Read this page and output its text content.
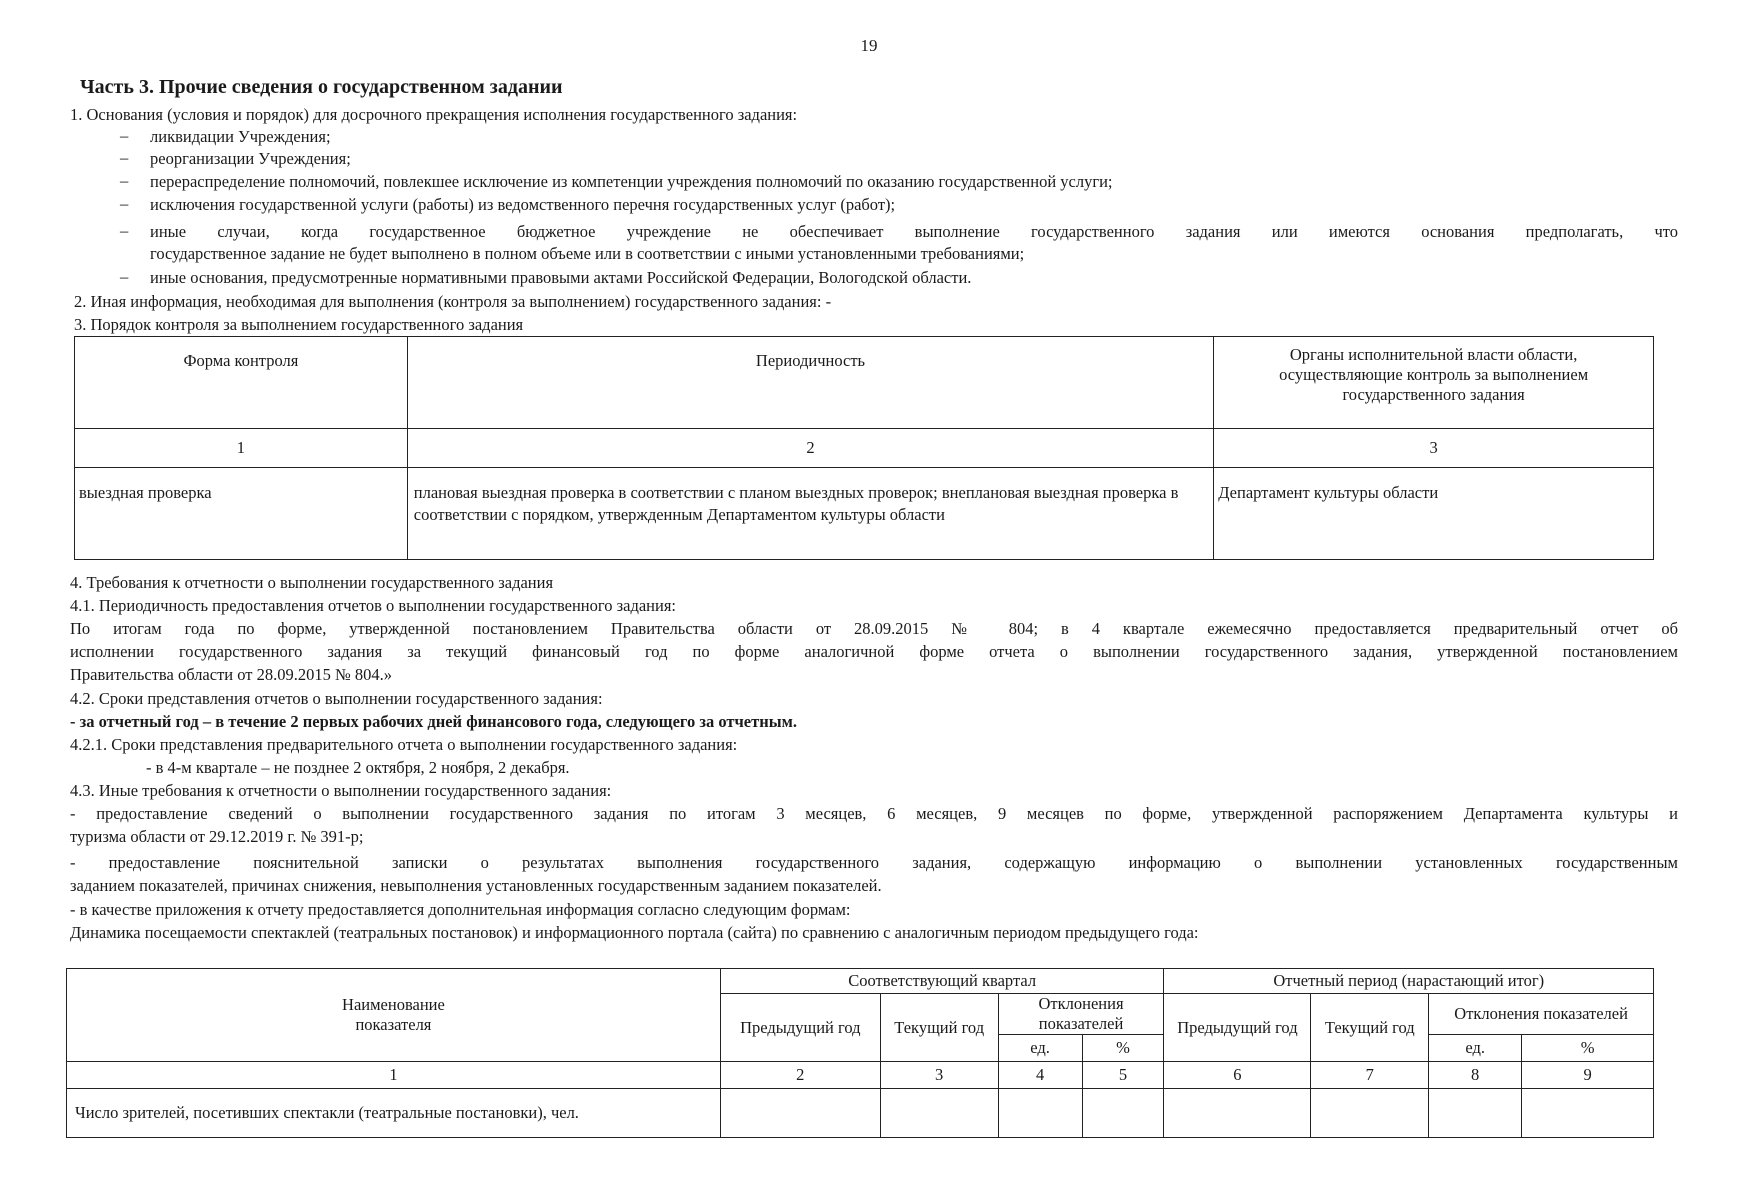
19
Часть 3. Прочие сведения о государственном задании
1. Основания (условия и порядок) для досрочного прекращения исполнения государственного задания:
– ликвидации Учреждения;
– реорганизации Учреждения;
– перераспределение полномочий, повлекшее исключение из компетенции учреждения полномочий по оказанию государственной услуги;
– исключения государственной услуги (работы) из ведомственного перечня государственных услуг (работ);
– иные случаи, когда государственное бюджетное учреждение не обеспечивает выполнение государственного задания или имеются основания предполагать, что
государственное задание не будет выполнено в полном объеме или в соответствии с иными установленными требованиями;
– иные основания, предусмотренные нормативными правовыми актами Российской Федерации, Вологодской области.
2. Иная информация, необходимая для выполнения (контроля за выполнением) государственного задания: -
3. Порядок контроля за выполнением государственного задания
Форма контроля	Периодичность	Органы исполнительной власти области, осуществляющие контроль за выполнением государственного задания
1	2	3
выездная проверка	плановая выездная проверка в соответствии с планом выездных проверок; внеплановая выездная проверка в соответствии с порядком, утвержденным Департаментом культуры области	Департамент культуры области
4. Требования к отчетности о выполнении государственного задания
4.1. Периодичность предоставления отчетов о выполнении государственного задания:
По итогам года по форме, утвержденной постановлением Правительства области от 28.09.2015 № 804; в 4 квартале ежемесячно предоставляется предварительный отчет об
исполнении государственного задания за текущий финансовый год по форме аналогичной форме отчета о выполнении государственного задания, утвержденной постановлением
Правительства области от 28.09.2015 № 804.»
4.2. Сроки представления отчетов о выполнении государственного задания:
- за отчетный год – в течение 2 первых рабочих дней финансового года, следующего за отчетным.
4.2.1. Сроки представления предварительного отчета о выполнении государственного задания:
- в 4-м квартале – не позднее 2 октября, 2 ноября, 2 декабря.
4.3. Иные требования к отчетности о выполнении государственного задания:
- предоставление сведений о выполнении государственного задания по итогам 3 месяцев, 6 месяцев, 9 месяцев по форме, утвержденной распоряжением Департамента культуры и
туризма области от 29.12.2019 г. № 391-р;
- предоставление пояснительной записки о результатах выполнения государственного задания, содержащую информацию о выполнении установленных государственным
заданием показателей, причинах снижения, невыполнения установленных государственным заданием показателей.
- в качестве приложения к отчету предоставляется дополнительная информация согласно следующим формам:
Динамика посещаемости спектаклей (театральных постановок) и информационного портала (сайта) по сравнению с аналогичным периодом предыдущего года:
Наименование показателя	Соответствующий квартал				Отчетный период (нарастающий итог)			
	Предыдущий год	Текущий год	Отклонения показателей		Предыдущий год	Текущий год	Отклонения показателей	
			ед.	%			ед.	%
1	2	3	4	5	6	7	8	9
Число зрителей, посетивших спектакли (театральные постановки), чел.								
